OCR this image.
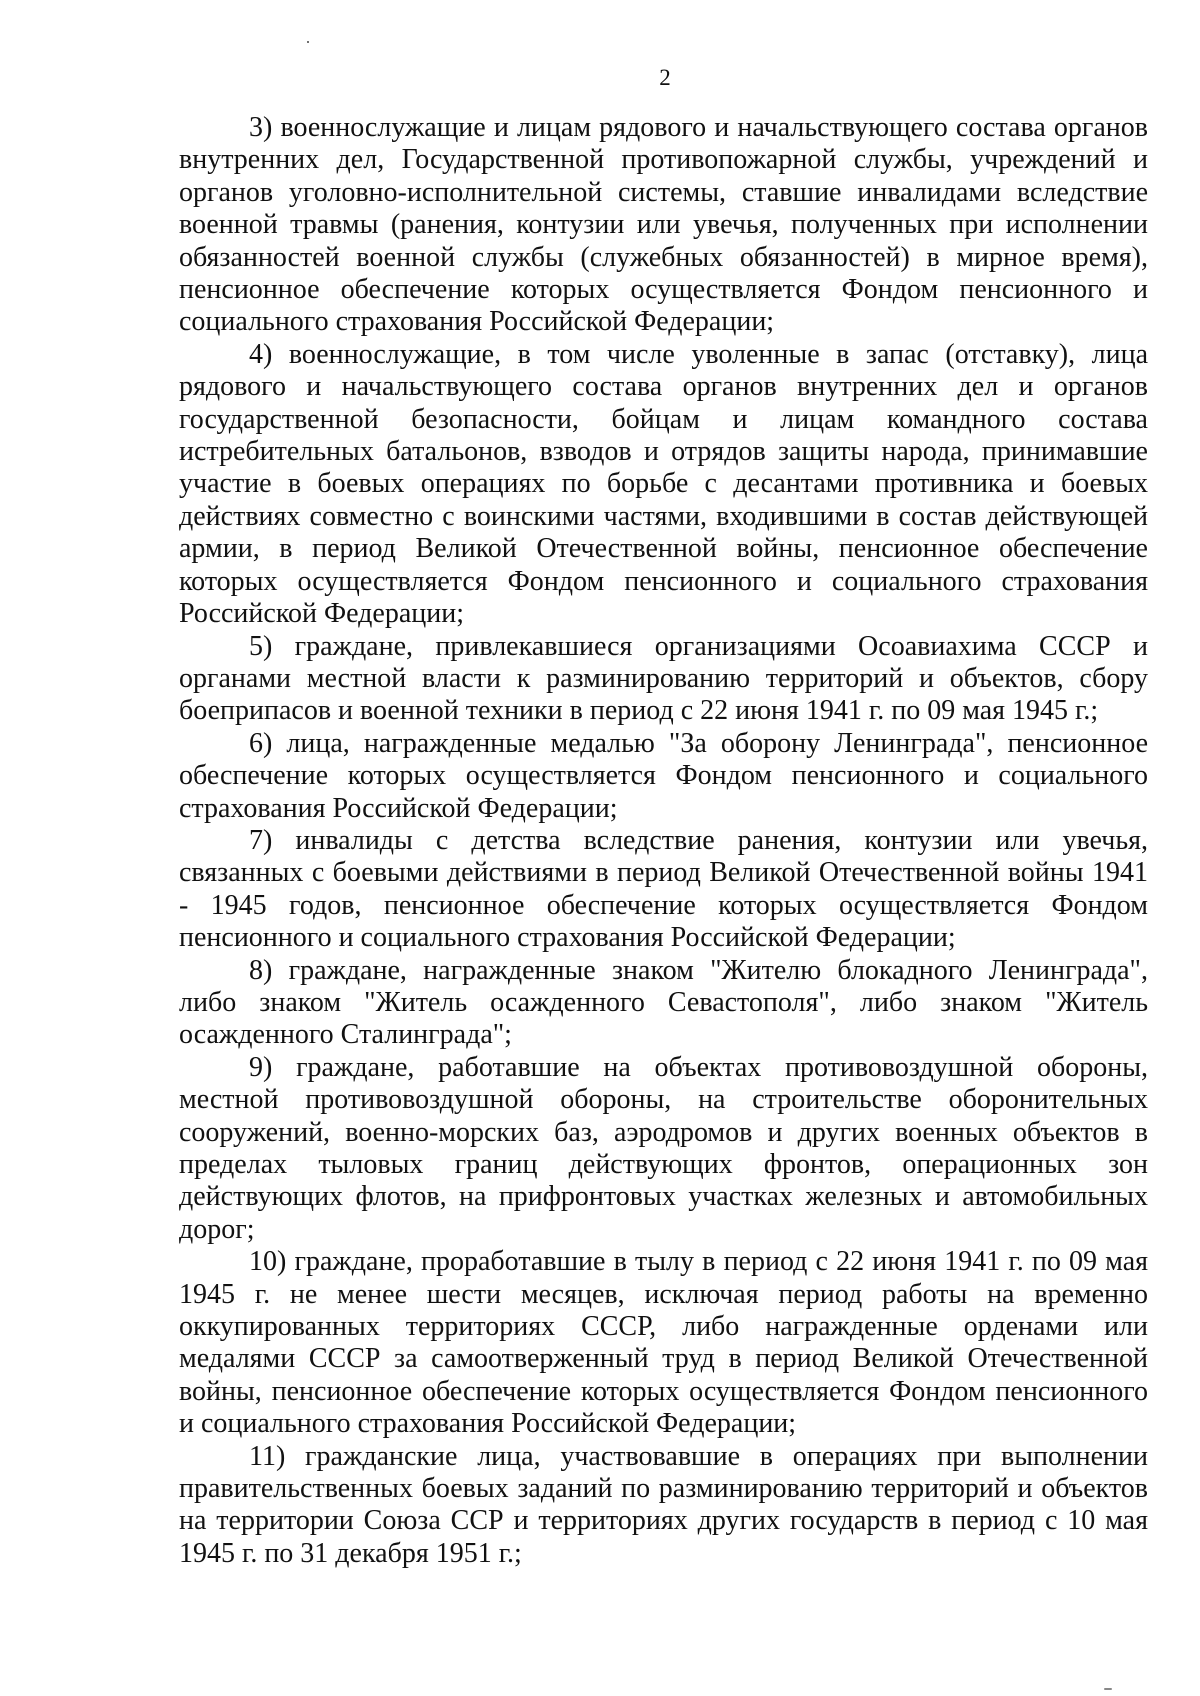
2

3) военнослужащие и лицам рядового и начальствующего состава органов внутренних дел, Государственной противопожарной службы, учреждений и органов уголовно-исполнительной системы, ставшие инвалидами вследствие военной травмы (ранения, контузии или увечья, полученных при исполнении обязанностей военной службы (служебных обязанностей) в мирное время), пенсионное обеспечение которых осуществляется Фондом пенсионного и социального страхования Российской Федерации;

4) военнослужащие, в том числе уволенные в запас (отставку), лица рядового и начальствующего состава органов внутренних дел и органов государственной безопасности, бойцам и лицам командного состава истребительных батальонов, взводов и отрядов защиты народа, принимавшие участие в боевых операциях по борьбе с десантами противника и боевых действиях совместно с воинскими частями, входившими в состав действующей армии, в период Великой Отечественной войны, пенсионное обеспечение которых осуществляется Фондом пенсионного и социального страхования Российской Федерации;

5) граждане, привлекавшиеся организациями Осоавиахима СССР и органами местной власти к разминированию территорий и объектов, сбору боеприпасов и военной техники в период с 22 июня 1941 г. по 09 мая 1945 г.;

6) лица, награжденные медалью "За оборону Ленинграда", пенсионное обеспечение которых осуществляется Фондом пенсионного и социального страхования Российской Федерации;

7) инвалиды с детства вследствие ранения, контузии или увечья, связанных с боевыми действиями в период Великой Отечественной войны 1941 - 1945 годов, пенсионное обеспечение которых осуществляется Фондом пенсионного и социального страхования Российской Федерации;

8) граждане, награжденные знаком "Жителю блокадного Ленинграда", либо знаком "Житель осажденного Севастополя", либо знаком "Житель осажденного Сталинграда";

9) граждане, работавшие на объектах противовоздушной обороны, местной противовоздушной обороны, на строительстве оборонительных сооружений, военно-морских баз, аэродромов и других военных объектов в пределах тыловых границ действующих фронтов, операционных зон действующих флотов, на прифронтовых участках железных и автомобильных дорог;

10) граждане, проработавшие в тылу в период с 22 июня 1941 г. по 09 мая 1945 г. не менее шести месяцев, исключая период работы на временно оккупированных территориях СССР, либо награжденные орденами или медалями СССР за самоотверженный труд в период Великой Отечественной войны, пенсионное обеспечение которых осуществляется Фондом пенсионного и социального страхования Российской Федерации;

11) гражданские лица, участвовавшие в операциях при выполнении правительственных боевых заданий по разминированию территорий и объектов на территории Союза ССР и территориях других государств в период с 10 мая 1945 г. по 31 декабря 1951 г.;
